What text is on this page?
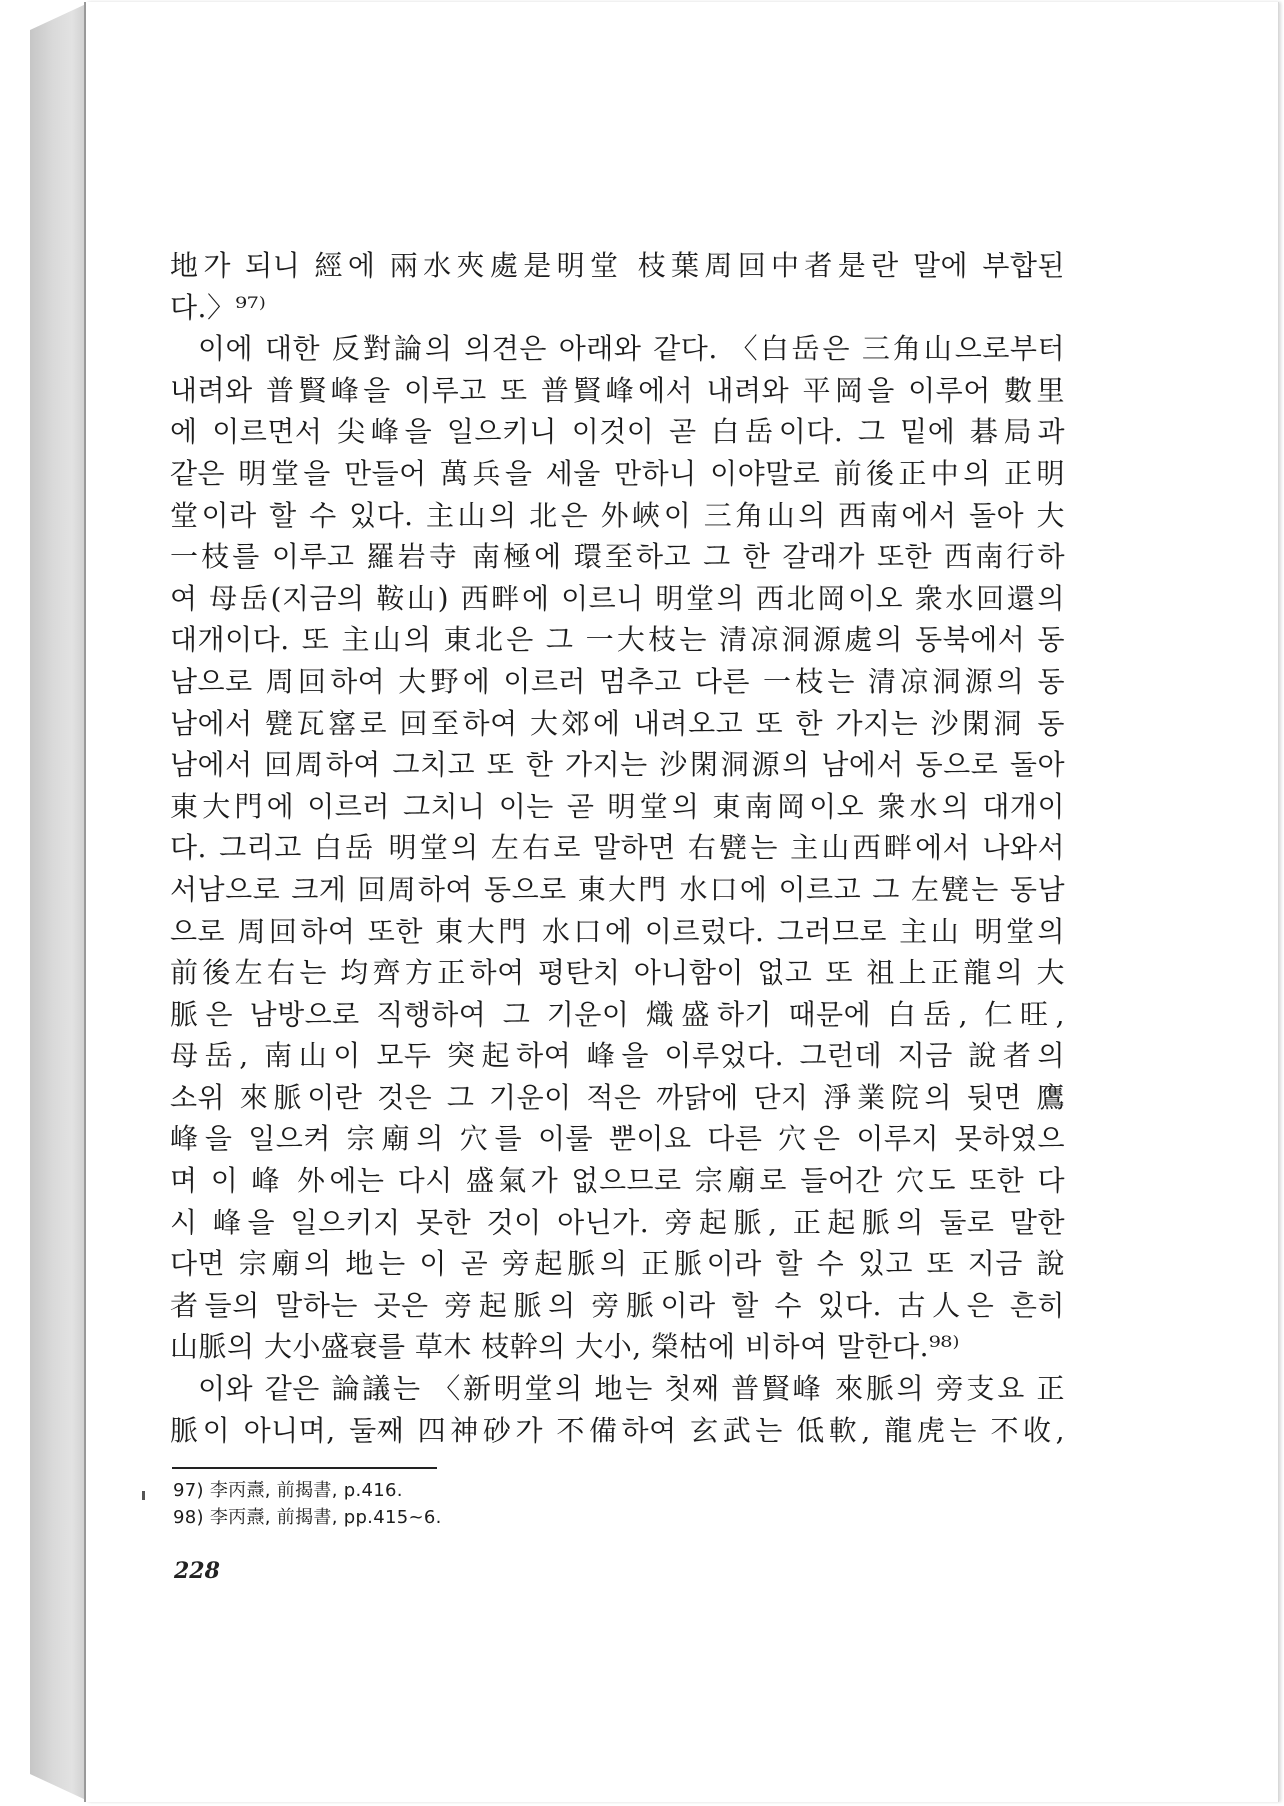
地가 되니 經에 兩水夾處是明堂 枝葉周回中者是란 말에 부합된
다.〉⁹⁷⁾
이에 대한 反對論의 의견은 아래와 같다. 〈白岳은 三角山으로부터
내려와 普賢峰을 이루고 또 普賢峰에서 내려와 平岡을 이루어 數里
에 이르면서 尖峰을 일으키니 이것이 곧 白岳이다. 그 밑에 碁局과
같은 明堂을 만들어 萬兵을 세울 만하니 이야말로 前後正中의 正明
堂이라 할 수 있다. 主山의 北은 外峽이 三角山의 西南에서 돌아 大
一枝를 이루고 羅岩寺 南極에 環至하고 그 한 갈래가 또한 西南行하
여 母岳(지금의 鞍山) 西畔에 이르니 明堂의 西北岡이오 衆水回還의
대개이다. 또 主山의 東北은 그 一大枝는 清凉洞源處의 동북에서 동
남으로 周回하여 大野에 이르러 멈추고 다른 一枝는 清凉洞源의 동
남에서 甓瓦窰로 回至하여 大郊에 내려오고 또 한 가지는 沙閑洞 동
남에서 回周하여 그치고 또 한 가지는 沙閑洞源의 남에서 동으로 돌아
東大門에 이르러 그치니 이는 곧 明堂의 東南岡이오 衆水의 대개이
다. 그리고 白岳 明堂의 左右로 말하면 右甓는 主山西畔에서 나와서
서남으로 크게 回周하여 동으로 東大門 水口에 이르고 그 左甓는 동남
으로 周回하여 또한 東大門 水口에 이르렀다. 그러므로 主山 明堂의
前後左右는 均齊方正하여 평탄치 아니함이 없고 또 祖上正龍의 大
脈은 남방으로 직행하여 그 기운이 熾盛하기 때문에 白岳, 仁旺,
母岳, 南山이 모두 突起하여 峰을 이루었다. 그런데 지금 說者의
소위 來脈이란 것은 그 기운이 적은 까닭에 단지 淨業院의 뒷면 鷹
峰을 일으켜 宗廟의 穴를 이룰 뿐이요 다른 穴은 이루지 못하였으
며 이 峰 外에는 다시 盛氣가 없으므로 宗廟로 들어간 穴도 또한 다
시 峰을 일으키지 못한 것이 아닌가. 旁起脈, 正起脈의 둘로 말한
다면 宗廟의 地는 이 곧 旁起脈의 正脈이라 할 수 있고 또 지금 說
者들의 말하는 곳은 旁起脈의 旁脈이라 할 수 있다. 古人은 흔히
山脈의 大小盛衰를 草木 枝幹의 大小, 榮枯에 비하여 말한다.⁹⁸⁾
이와 같은 論議는 〈新明堂의 地는 첫째 普賢峰 來脈의 旁支요 正
脈이 아니며, 둘째 四神砂가 不備하여 玄武는 低軟, 龍虎는 不收,
97) 李丙燾, 前揭書, p.416.
98) 李丙燾, 前揭書, pp.415~6.
228
